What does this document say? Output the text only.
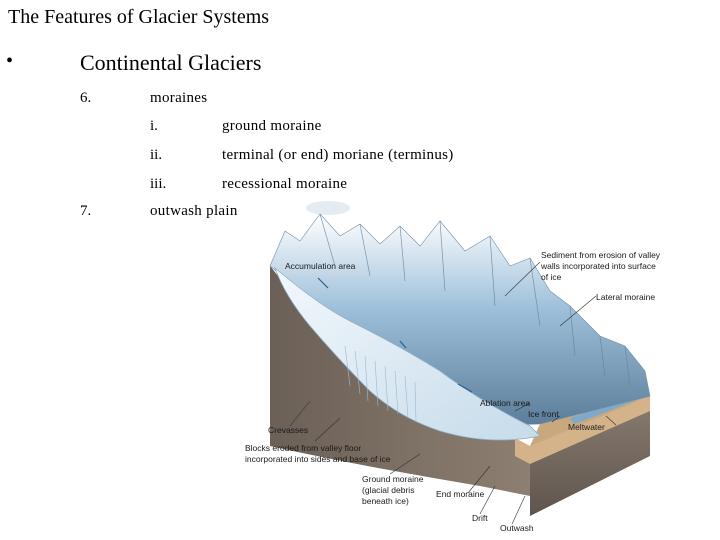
The Features of Glacier Systems
•	Continental Glaciers
6.	moraines
i.	ground moraine
ii.	terminal (or end) moriane (terminus)
iii.	recessional moraine
7.	outwash plain
Accumulation area
Sediment from erosion of valley
walls incorporated into surface
of ice
Lateral moraine
Ablation area
Ice front
Meltwater
Crevasses
Blocks eroded from valley floor
incorporated into sides and base of ice
Ground moraine
(glacial debris
beneath ice)
End moraine
Drift
Outwash
